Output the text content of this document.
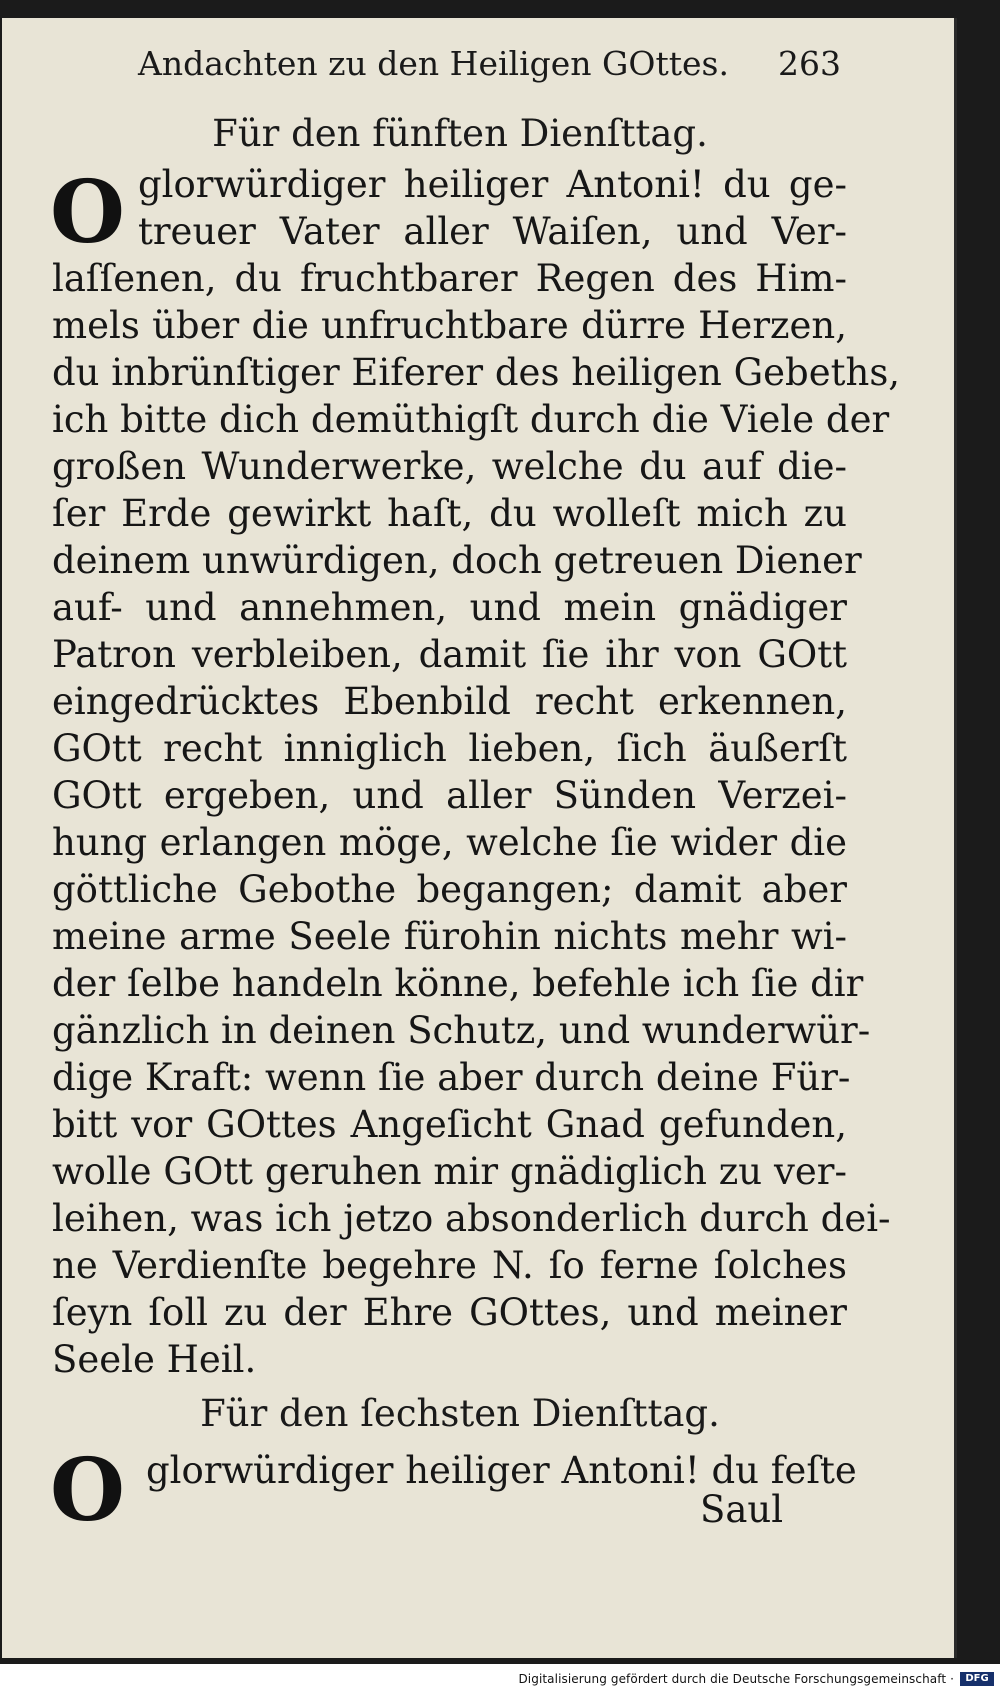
Andachten zu den Heiligen GOttes.	263
Für den fünften Dienſttag.
O glorwürdiger heiliger Antoni! du ge-
treuer Vater aller Waiſen, und Ver-
laſſenen, du fruchtbarer Regen des Him-
mels über die unfruchtbare dürre Herzen,
du inbrünſtiger Eiferer des heiligen Gebeths,
ich bitte dich demüthigſt durch die Viele der
großen Wunderwerke, welche du auf die-
ſer Erde gewirkt haſt, du wolleſt mich zu
deinem unwürdigen, doch getreuen Diener
auf- und annehmen, und mein gnädiger
Patron verbleiben, damit ſie ihr von GOtt
eingedrücktes Ebenbild recht erkennen,
GOtt recht inniglich lieben, ſich äußerſt
GOtt ergeben, und aller Sünden Verzei-
hung erlangen möge, welche ſie wider die
göttliche Gebothe begangen; damit aber
meine arme Seele fürohin nichts mehr wi-
der ſelbe handeln könne, befehle ich ſie dir
gänzlich in deinen Schutz, und wunderwür-
dige Kraft: wenn ſie aber durch deine Für-
bitt vor GOttes Angeſicht Gnad gefunden,
wolle GOtt geruhen mir gnädiglich zu ver-
leihen, was ich jetzo absonderlich durch dei-
ne Verdienſte begehre N. ſo ferne ſolches
ſeyn ſoll zu der Ehre GOttes, und meiner
Seele Heil.
Für den ſechsten Dienſttag.
O glorwürdiger heiliger Antoni! du feſte
Saul
Digitalisierung gefördert durch die Deutsche Forschungsgemeinschaft ·	DFG
